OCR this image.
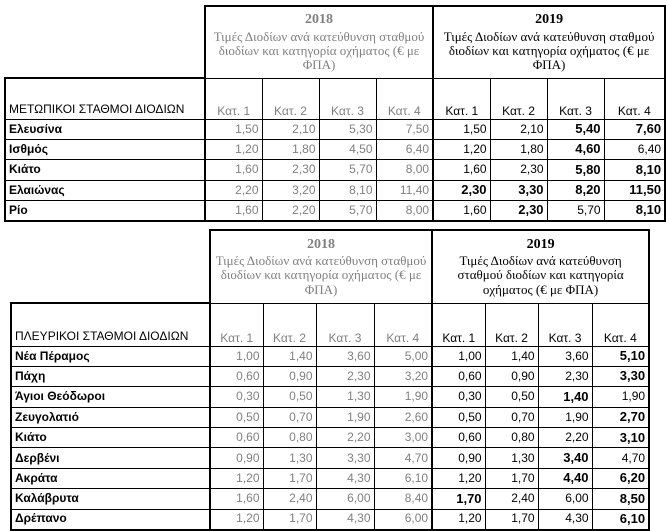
	2018
Τιμές Διοδίων ανά κατεύθυνση σταθμού διοδίων και κατηγορία οχήματος (€ με ΦΠΑ)				2019
Τιμές Διοδίων ανά κατεύθυνση σταθμού διοδίων και κατηγορία οχήματος (€ με ΦΠΑ)			
ΜΕΤΩΠΙΚΟΙ ΣΤΑΘΜΟΙ ΔΙΟΔΙΩΝ	Κατ. 1	Κατ. 2	Κατ. 3	Κατ. 4	Κατ. 1	Κατ. 2	Κατ. 3	Κατ. 4
Ελευσίνα	1,50	2,10	5,30	7,50	1,50	2,10	5,40	7,60
Ισθμός	1,20	1,80	4,50	6,40	1,20	1,80	4,60	6,40
Κιάτο	1,60	2,30	5,70	8,00	1,60	2,30	5,80	8,10
Ελαιώνας	2,20	3,20	8,10	11,40	2,30	3,30	8,20	11,50
Ρίο	1,60	2,20	5,70	8,00	1,60	2,30	5,70	8,10

	2018
Τιμές Διοδίων ανά κατεύθυνση σταθμού διοδίων και κατηγορία οχήματος (€ με ΦΠΑ)				2019
Τιμές Διοδίων ανά κατεύθυνση σταθμού διοδίων και κατηγορία οχήματος (€ με ΦΠΑ)			
ΠΛΕΥΡΙΚΟΙ ΣΤΑΘΜΟΙ ΔΙΟΔΙΩΝ	Κατ. 1	Κατ. 2	Κατ. 3	Κατ. 4	Κατ. 1	Κατ. 2	Κατ. 3	Κατ. 4
Νέα Πέραμος	1,00	1,40	3,60	5,00	1,00	1,40	3,60	5,10
Πάχη	0,60	0,90	2,30	3,20	0,60	0,90	2,30	3,30
Άγιοι Θεόδωροι	0,30	0,50	1,30	1,90	0,30	0,50	1,40	1,90
Ζευγολατιό	0,50	0,70	1,90	2,60	0,50	0,70	1,90	2,70
Κιάτο	0,60	0,80	2,20	3,00	0,60	0,80	2,20	3,10
Δερβένι	0,90	1,30	3,30	4,70	0,90	1,30	3,40	4,70
Ακράτα	1,20	1,70	4,30	6,10	1,20	1,70	4,40	6,20
Καλάβρυτα	1,60	2,40	6,00	8,40	1,70	2,40	6,00	8,50
Δρέπανο	1,20	1,70	4,30	6,00	1,20	1,70	4,30	6,10
